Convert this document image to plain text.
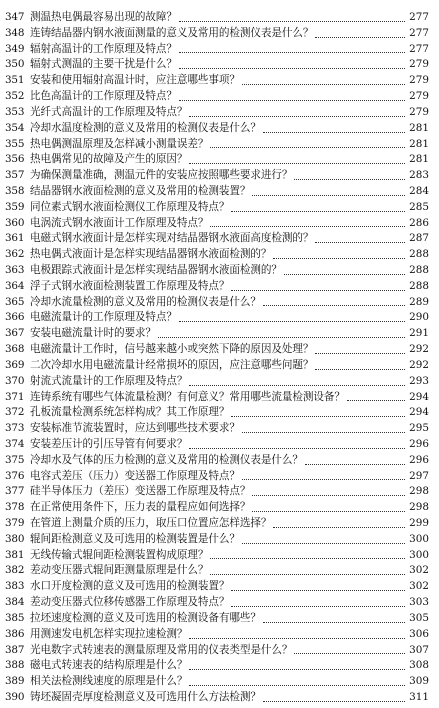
347 测温热电偶最容易出现的故障？	277
348 连铸结晶器内钢水液面测量的意义及常用的检测仪表是什么？	277
349 辐射高温计的工作原理及特点？	277
350 辐射式测温的主要干扰是什么？	279
351 安装和使用辐射高温计时，应注意哪些事项？	279
352 比色高温计的工作原理及特点？	279
353 光纤式高温计的工作原理及特点？	279
354 冷却水温度检测的意义及常用的检测仪表是什么？	281
355 热电偶测温原理及怎样减小测量误差？	281
356 热电偶常见的故障及产生的原因？	281
357 为确保测量准确，测温元件的安装应按照哪些要求进行？	283
358 结晶器钢水液面检测的意义及常用的检测装置？	284
359 同位素式钢水液面检测仪工作原理及特点？	285
360 电涡流式钢水液面计工作原理及特点？	286
361 电磁式钢水液面计是怎样实现对结晶器钢水液面高度检测的？	287
362 热电偶式液面计是怎样实现结晶器钢水液面检测的？	288
363 电极跟踪式液面计是怎样实现结晶器钢水液面检测的？	288
364 浮子式钢水液面检测装置工作原理及特点？	288
365 冷却水流量检测的意义及常用的检测仪表是什么？	289
366 电磁流量计的工作原理及特点？	290
367 安装电磁流量计时的要求？	291
368 电磁流量计工作时，信号越来越小或突然下降的原因及处理？	292
369 二次冷却水用电磁流量计经常损坏的原因，应注意哪些问题？	292
370 射流式流量计的工作原理及特点？	293
371 连铸系统有哪些气体流量检测？有何意义？常用哪些流量检测设备？	294
372 孔板流量检测系统怎样构成？其工作原理？	294
373 安装标准节流装置时，应达到哪些技术要求？	295
374 安装差压计的引压导管有何要求？	296
375 冷却水及气体的压力检测的意义及常用的检测仪表是什么？	296
376 电容式差压（压力）变送器工作原理及特点？	297
377 硅半导体压力（差压）变送器工作原理及特点？	298
378 在正常使用条件下，压力表的量程应如何选择？	298
379 在管道上测量介质的压力，取压口位置应怎样选择？	299
380 辊间距检测意义及可选用的检测装置是什么？	300
381 无线传输式辊间距检测装置构成原理？	300
382 差动变压器式辊间距测量原理是什么？	302
383 水口开度检测的意义及可选用的检测装置？	302
384 差动变压器式位移传感器工作原理及特点？	303
385 拉坯速度检测的意义及可选用的检测设备有哪些？	305
386 用测速发电机怎样实现拉速检测？	306
387 光电数字式转速表的测量原理及常用的仪表类型是什么？	307
388 磁电式转速表的结构原理是什么？	308
389 相关法检测线速度的原理是什么？	309
390 铸坯凝固壳厚度检测意义及可选用什么方法检测？	311
